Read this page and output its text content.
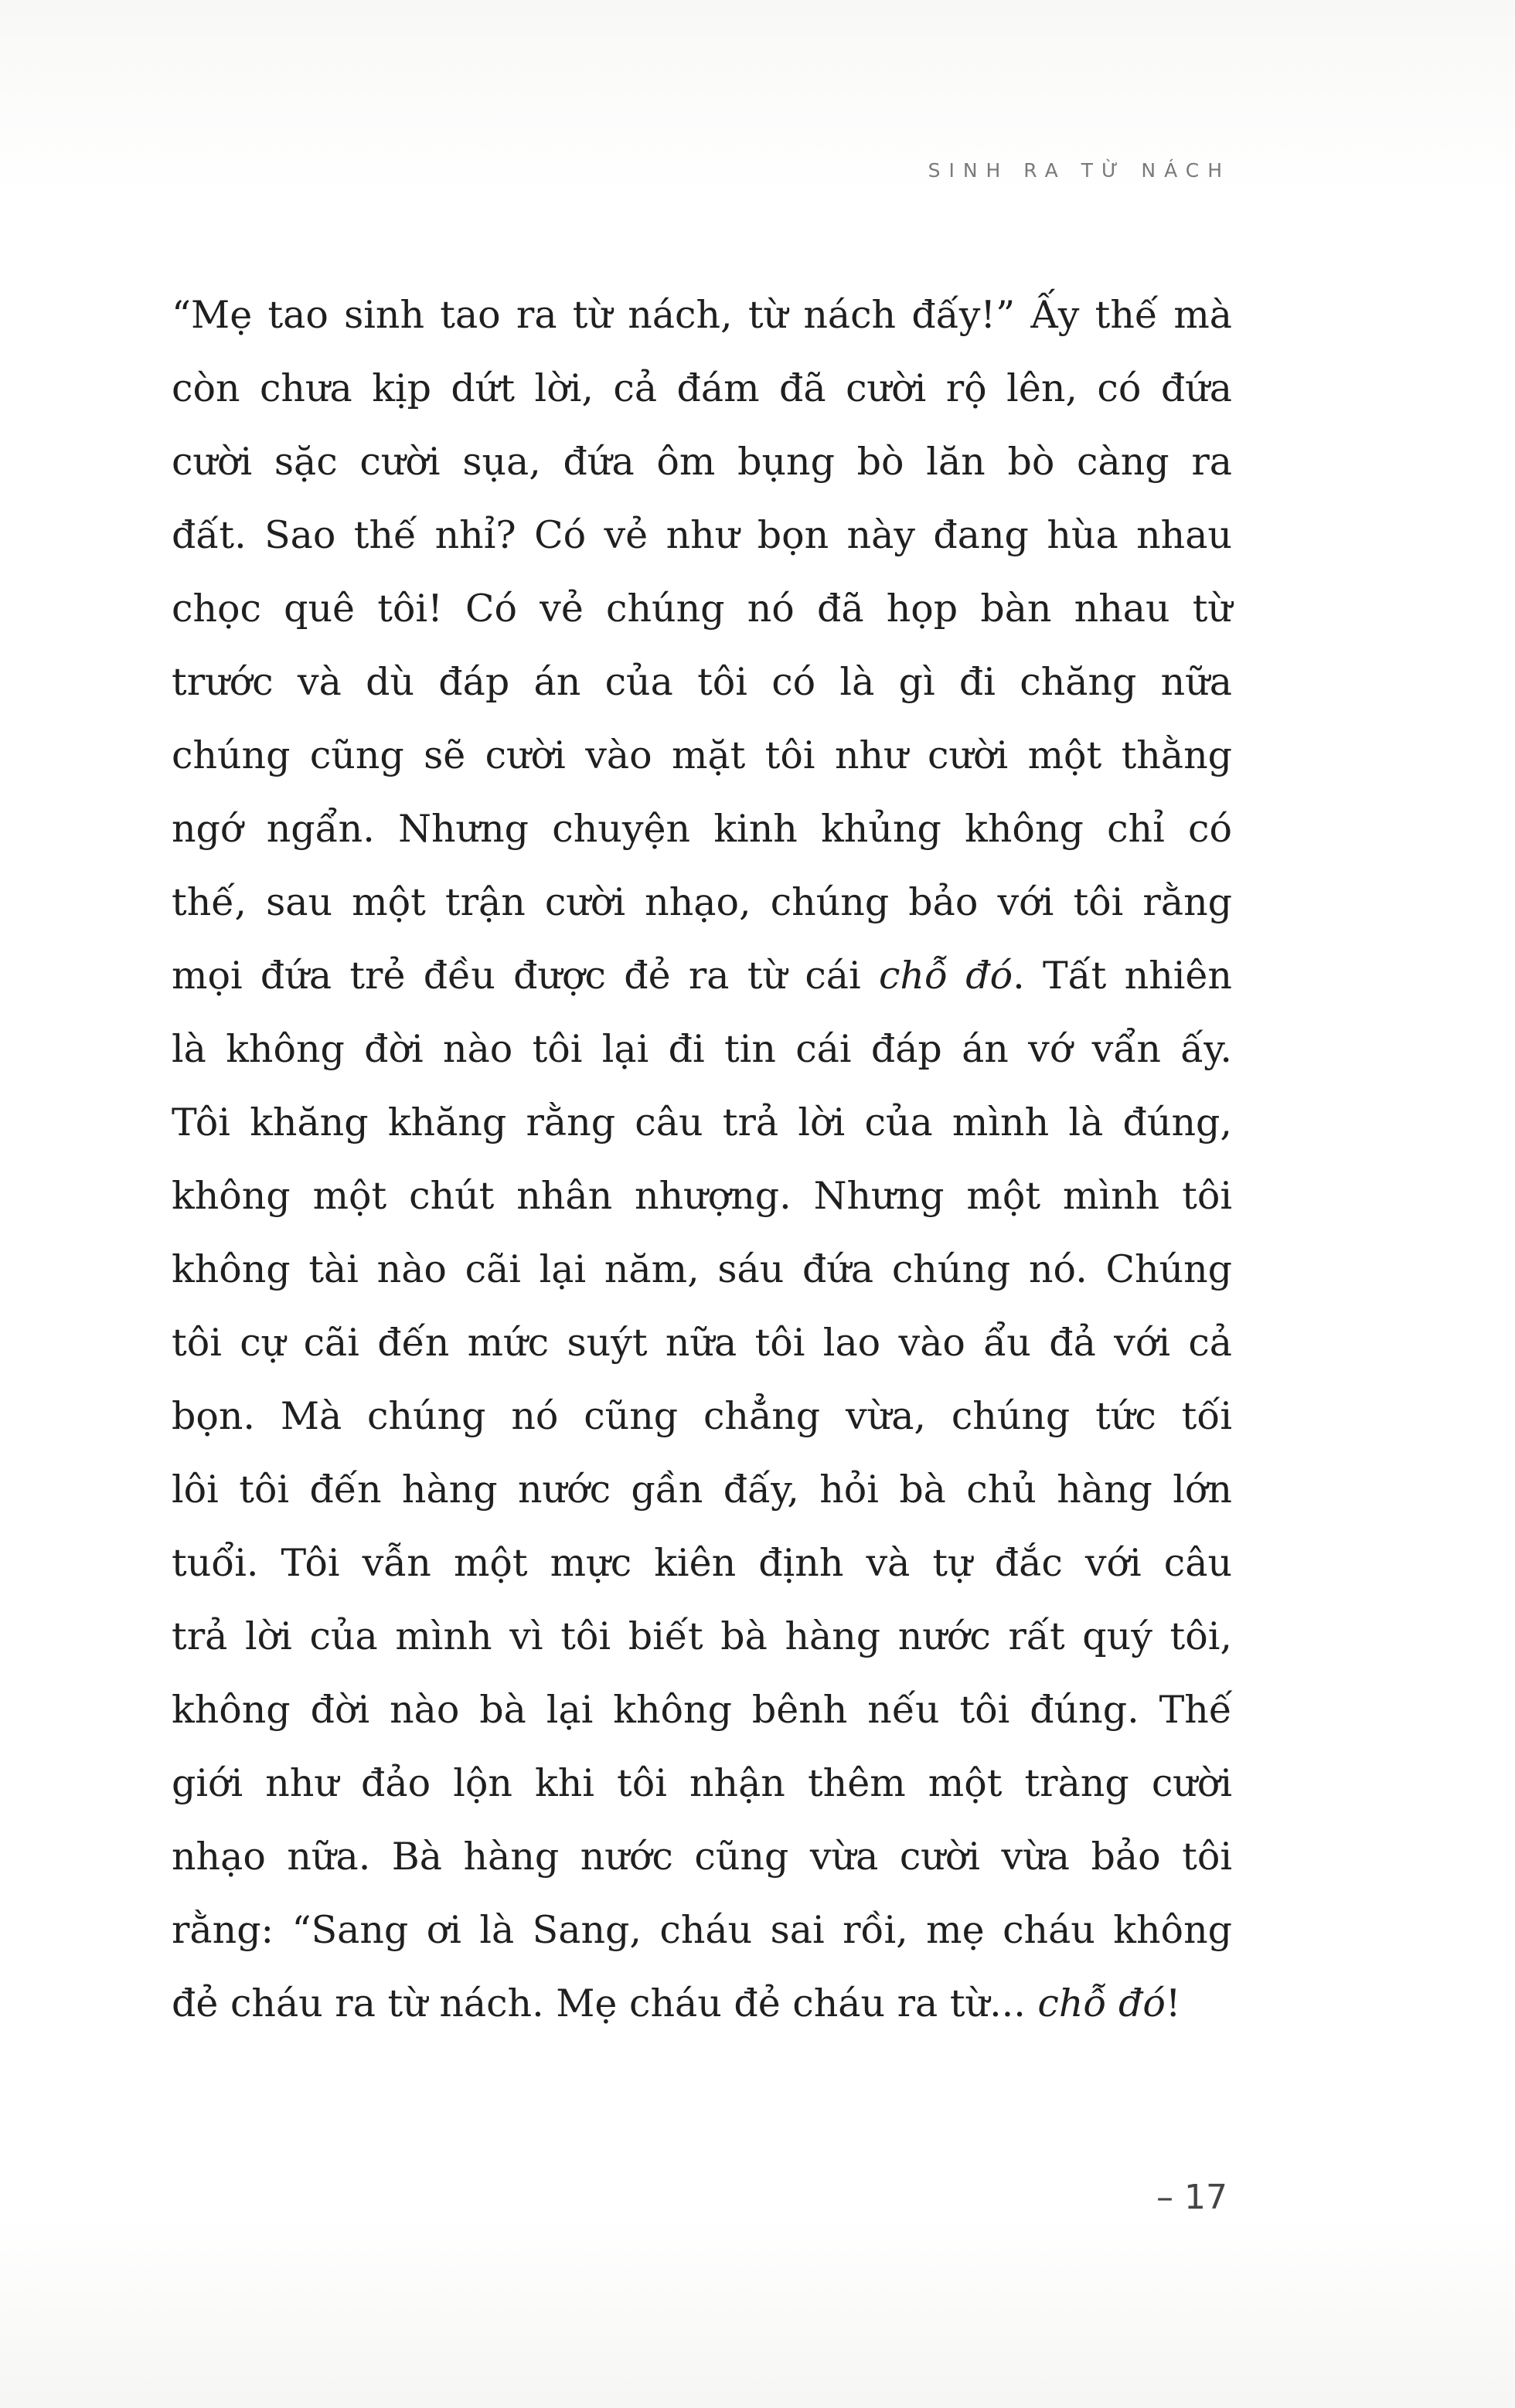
SINH RA TỪ NÁCH
“Mẹ tao sinh tao ra từ nách, từ nách đấy!” Ấy thế mà
còn chưa kịp dứt lời, cả đám đã cười rộ lên, có đứa
cười sặc cười sụa, đứa ôm bụng bò lăn bò càng ra
đất. Sao thế nhỉ? Có vẻ như bọn này đang hùa nhau
chọc quê tôi! Có vẻ chúng nó đã họp bàn nhau từ
trước và dù đáp án của tôi có là gì đi chăng nữa
chúng cũng sẽ cười vào mặt tôi như cười một thằng
ngớ ngẩn. Nhưng chuyện kinh khủng không chỉ có
thế, sau một trận cười nhạo, chúng bảo với tôi rằng
mọi đứa trẻ đều được đẻ ra từ cái chỗ đó. Tất nhiên
là không đời nào tôi lại đi tin cái đáp án vớ vẩn ấy.
Tôi khăng khăng rằng câu trả lời của mình là đúng,
không một chút nhân nhượng. Nhưng một mình tôi
không tài nào cãi lại năm, sáu đứa chúng nó. Chúng
tôi cự cãi đến mức suýt nữa tôi lao vào ẩu đả với cả
bọn. Mà chúng nó cũng chẳng vừa, chúng tức tối
lôi tôi đến hàng nước gần đấy, hỏi bà chủ hàng lớn
tuổi. Tôi vẫn một mực kiên định và tự đắc với câu
trả lời của mình vì tôi biết bà hàng nước rất quý tôi,
không đời nào bà lại không bênh nếu tôi đúng. Thế
giới như đảo lộn khi tôi nhận thêm một tràng cười
nhạo nữa. Bà hàng nước cũng vừa cười vừa bảo tôi
rằng: “Sang ơi là Sang, cháu sai rồi, mẹ cháu không
đẻ cháu ra từ nách. Mẹ cháu đẻ cháu ra từ... chỗ đó!
– 17
